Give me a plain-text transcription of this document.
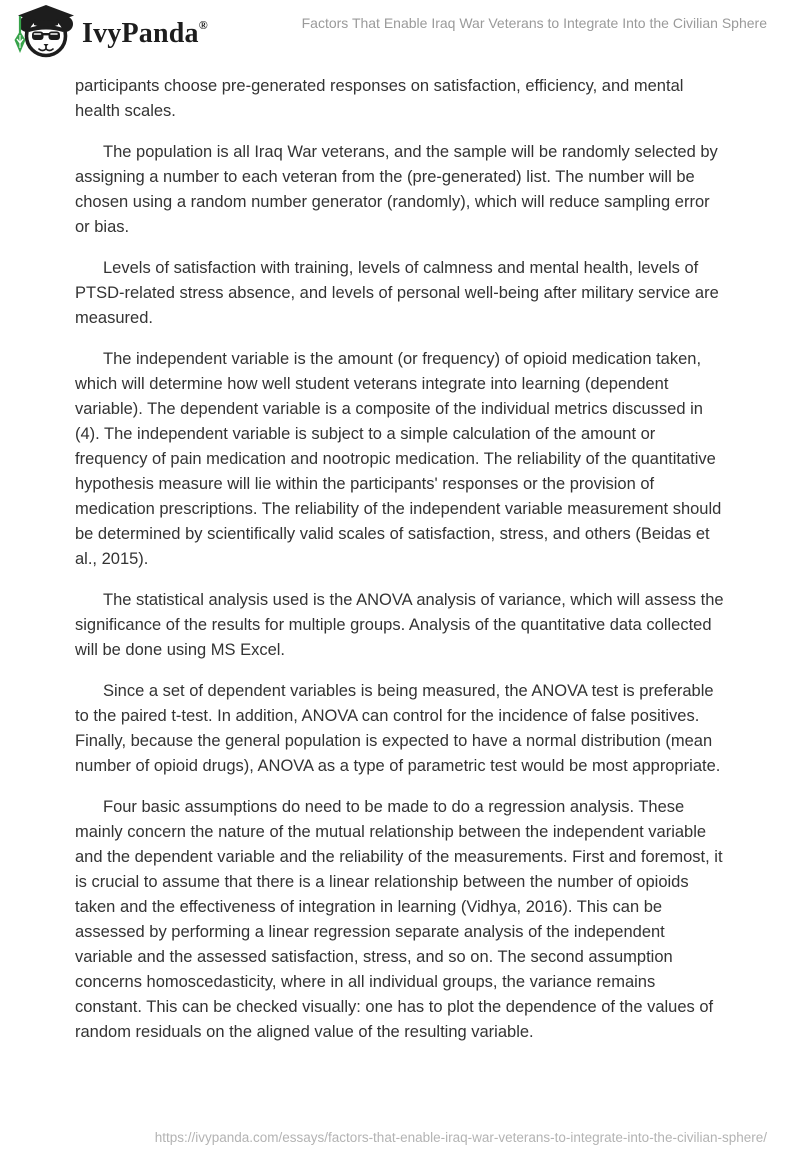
IvyPanda®	Factors That Enable Iraq War Veterans to Integrate Into the Civilian Sphere

participants choose pre-generated responses on satisfaction, efficiency, and mental health scales.

The population is all Iraq War veterans, and the sample will be randomly selected by assigning a number to each veteran from the (pre-generated) list. The number will be chosen using a random number generator (randomly), which will reduce sampling error or bias.

Levels of satisfaction with training, levels of calmness and mental health, levels of PTSD-related stress absence, and levels of personal well-being after military service are measured.

The independent variable is the amount (or frequency) of opioid medication taken, which will determine how well student veterans integrate into learning (dependent variable). The dependent variable is a composite of the individual metrics discussed in (4). The independent variable is subject to a simple calculation of the amount or frequency of pain medication and nootropic medication. The reliability of the quantitative hypothesis measure will lie within the participants' responses or the provision of medication prescriptions. The reliability of the independent variable measurement should be determined by scientifically valid scales of satisfaction, stress, and others (Beidas et al., 2015).

The statistical analysis used is the ANOVA analysis of variance, which will assess the significance of the results for multiple groups. Analysis of the quantitative data collected will be done using MS Excel.

Since a set of dependent variables is being measured, the ANOVA test is preferable to the paired t-test. In addition, ANOVA can control for the incidence of false positives. Finally, because the general population is expected to have a normal distribution (mean number of opioid drugs), ANOVA as a type of parametric test would be most appropriate.

Four basic assumptions do need to be made to do a regression analysis. These mainly concern the nature of the mutual relationship between the independent variable and the dependent variable and the reliability of the measurements. First and foremost, it is crucial to assume that there is a linear relationship between the number of opioids taken and the effectiveness of integration in learning (Vidhya, 2016). This can be assessed by performing a linear regression separate analysis of the independent variable and the assessed satisfaction, stress, and so on. The second assumption concerns homoscedasticity, where in all individual groups, the variance remains constant. This can be checked visually: one has to plot the dependence of the values of random residuals on the aligned value of the resulting variable.

https://ivypanda.com/essays/factors-that-enable-iraq-war-veterans-to-integrate-into-the-civilian-sphere/
